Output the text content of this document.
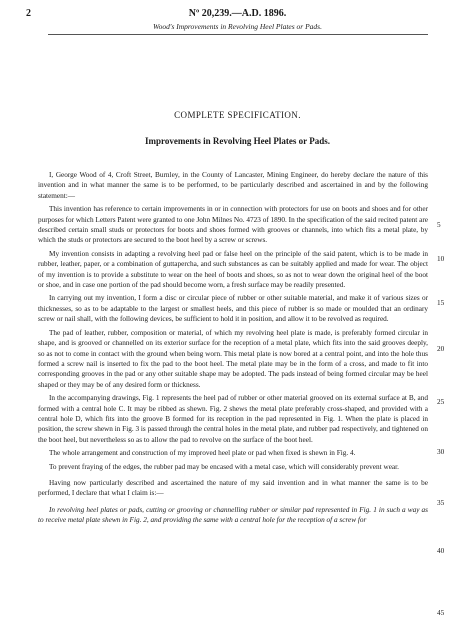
2	Nº 20,239.—A.D. 1896.
Wood's Improvements in Revolving Heel Plates or Pads.
COMPLETE SPECIFICATION.
Improvements in Revolving Heel Plates or Pads.

I, George Wood of 4, Croft Street, Burnley, in the County of Lancaster, Mining Engineer, do hereby declare the nature of this invention and in what manner the same is to be performed, to be particularly described and ascertained in and by the following statement:—

This invention has reference to certain improvements in or in connection with protectors for use on boots and shoes and for other purposes for which Letters Patent were granted to one John Milnes No. 4723 of 1890. In the specification of the said recited patent are described certain small studs or protectors for boots and shoes formed with grooves or channels, into which fits a metal plate, by which the studs or protectors are secured to the boot heel by a screw or screws.

My invention consists in adapting a revolving heel pad or false heel on the principle of the said patent, which is to be made in rubber, leather, paper, or a combination of guttapercha, and such substances as can be suitably applied and made for wear. The object of my invention is to provide a substitute to wear on the heel of boots and shoes, so as not to wear down the original heel of the boot or shoe, and in case one portion of the pad should become worn, a fresh surface may be readily presented.

In carrying out my invention, I form a disc or circular piece of rubber or other suitable material, and make it of various sizes or thicknesses, so as to be adaptable to the largest or smallest heels, and this piece of rubber is so made or moulded that an ordinary screw or nail shall, with the following devices, be sufficient to hold it in position, and allow it to be revolved as required.

The pad of leather, rubber, composition or material, of which my revolving heel plate is made, is preferably formed circular in shape, and is grooved or channelled on its exterior surface for the reception of a metal plate, which fits into the said grooves deeply, so as not to come in contact with the ground when being worn. This metal plate is now bored at a central point, and into the hole thus formed a screw nail is inserted to fix the pad to the boot heel. The metal plate may be in the form of a cross, and made to fit into corresponding grooves in the pad or any other suitable shape may be adopted. The pads instead of being formed circular may be heel shaped or they may be of any desired form or thickness.

In the accompanying drawings, Fig. 1 represents the heel pad of rubber or other material grooved on its external surface at B, and formed with a central hole C. It may be ribbed as shewn. Fig. 2 shews the metal plate preferably cross-shaped, and provided with a central hole D, which fits into the groove B formed for its reception in the pad represented in Fig. 1. When the plate is placed in position, the screw shewn in Fig. 3 is passed through the central holes in the metal plate, and rubber pad respectively, and tightened on the boot heel, but nevertheless so as to allow the pad to revolve on the surface of the boot heel.

The whole arrangement and construction of my improved heel plate or pad when fixed is shewn in Fig. 4.

To prevent fraying of the edges, the rubber pad may be encased with a metal case, which will considerably prevent wear.

Having now particularly described and ascertained the nature of my said invention and in what manner the same is to be performed, I declare that what I claim is:—

In revolving heel plates or pads, cutting or grooving or channelling rubber or similar pad represented in Fig. 1 in such a way as to receive metal plate shewn in Fig. 2, and providing the same with a central hole for the reception of a screw for

5
10
15
20
25
30
35
40
45
